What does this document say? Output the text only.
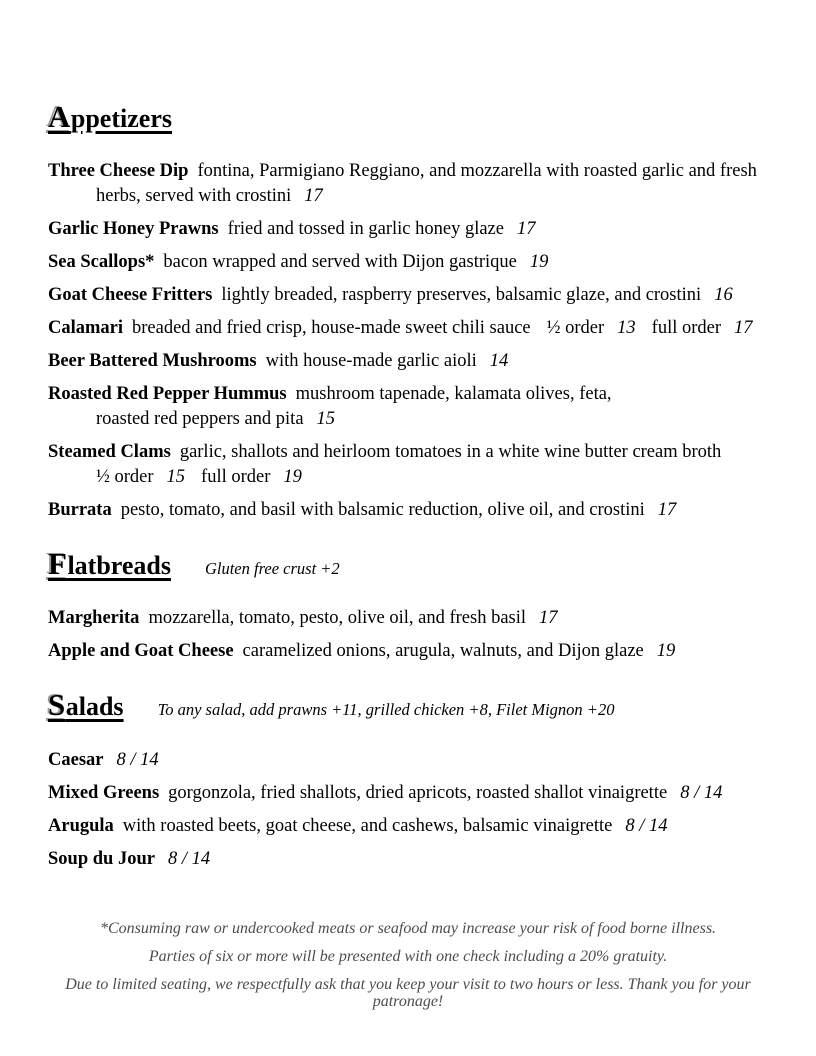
Appetizers

Three Cheese Dip fontina, Parmigiano Reggiano, and mozzarella with roasted garlic and fresh
herbs, served with crostini 17

Garlic Honey Prawns fried and tossed in garlic honey glaze 17

Sea Scallops* bacon wrapped and served with Dijon gastrique 19

Goat Cheese Fritters lightly breaded, raspberry preserves, balsamic glaze, and crostini 16

Calamari breaded and fried crisp, house-made sweet chili sauce ½ order 13 full order 17

Beer Battered Mushrooms with house-made garlic aioli 14

Roasted Red Pepper Hummus mushroom tapenade, kalamata olives, feta,
roasted red peppers and pita 15

Steamed Clams garlic, shallots and heirloom tomatoes in a white wine butter cream broth
½ order 15 full order 19

Burrata pesto, tomato, and basil with balsamic reduction, olive oil, and crostini 17

Flatbreads Gluten free crust +2

Margherita mozzarella, tomato, pesto, olive oil, and fresh basil 17

Apple and Goat Cheese caramelized onions, arugula, walnuts, and Dijon glaze 19

Salads To any salad, add prawns +11, grilled chicken +8, Filet Mignon +20

Caesar 8 / 14

Mixed Greens gorgonzola, fried shallots, dried apricots, roasted shallot vinaigrette 8 / 14

Arugula with roasted beets, goat cheese, and cashews, balsamic vinaigrette 8 / 14

Soup du Jour 8 / 14

*Consuming raw or undercooked meats or seafood may increase your risk of food borne illness.

Parties of six or more will be presented with one check including a 20% gratuity.

Due to limited seating, we respectfully ask that you keep your visit to two hours or less. Thank you for your patronage!
